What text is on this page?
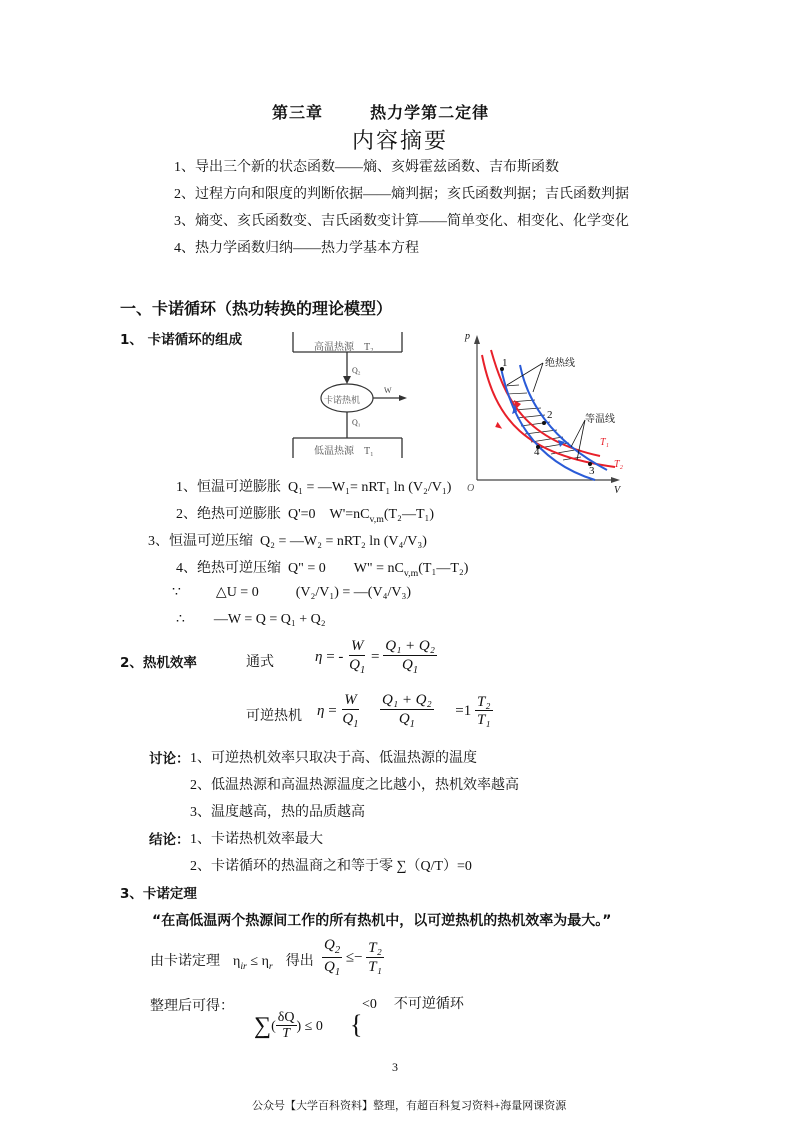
第三章	热力学第二定律
内容摘要
1、导出三个新的状态函数——熵、亥姆霍兹函数、吉布斯函数
2、过程方向和限度的判断依据——熵判据；亥氏函数判据；吉氏函数判据
3、熵变、亥氏函数变、吉氏函数变计算——简单变化、相变化、化学变化
4、热力学函数归纳——热力学基本方程
一、卡诺循环（热功转换的理论模型）
1、 卡诺循环的组成	高温热源　T₂
Q₂
卡诺热机
W
Q₁
低温热源　T₁
p
V
O
绝热线
等温线
T₁
T₂
1
2
3
4
1、恒温可逆膨胀 Q₁ = —W₁= nRT₁ ln (V₂/V₁)
2、绝热可逆膨胀 Q'=0　$W'=nC_{v,m}(T_2—T_1)$
3、恒温可逆压缩 Q₂ = —W₂ = nRT₂ ln (V₄/V₃)
4、绝热可逆压缩 Q" = 0　　W" = $nC_{v,m}(T_1—T_2)$
∵	△U = 0	(V₂/V₁) = —(V₄/V₃)
∴ —W = Q = Q₁ + Q₂
2、热机效率	通式	η = - $\frac{W}{Q_1} = \frac{\text{Q₁ + Q₂}}{Q_1}$
可逆热机 $\eta = \frac{W}{Q_1}$
$\frac{\text{Q₁ + Q₂}}{Q_1} =1 \frac{\text{T₂}}{\text{T₁}}$
讨论： 1、可逆热机效率只取决于高、低温热源的温度
2、低温热源和高温热源温度之比越小，热机效率越高
3、温度越高，热的品质越高
结论： 1、卡诺热机效率最大
2、卡诺循环的热温商之和等于零 ∑（Q/T）=0
3、卡诺定理
“在高低温两个热源间工作的所有热机中，以可逆热机的热机效率为最大。”
由卡诺定理 $\eta_{ir} \le \eta_r$ 得出 $\frac{Q_2}{Q_1} \le- \frac{\text{T₂}}{\text{T₁}}$
整理后可得：
∑( $\frac{\delta Q}{T}$ ) ≤ 0 {
<0 不可逆循环
3
公众号【大学百科资料】整理，有超百科复习资料+海量网课资源
